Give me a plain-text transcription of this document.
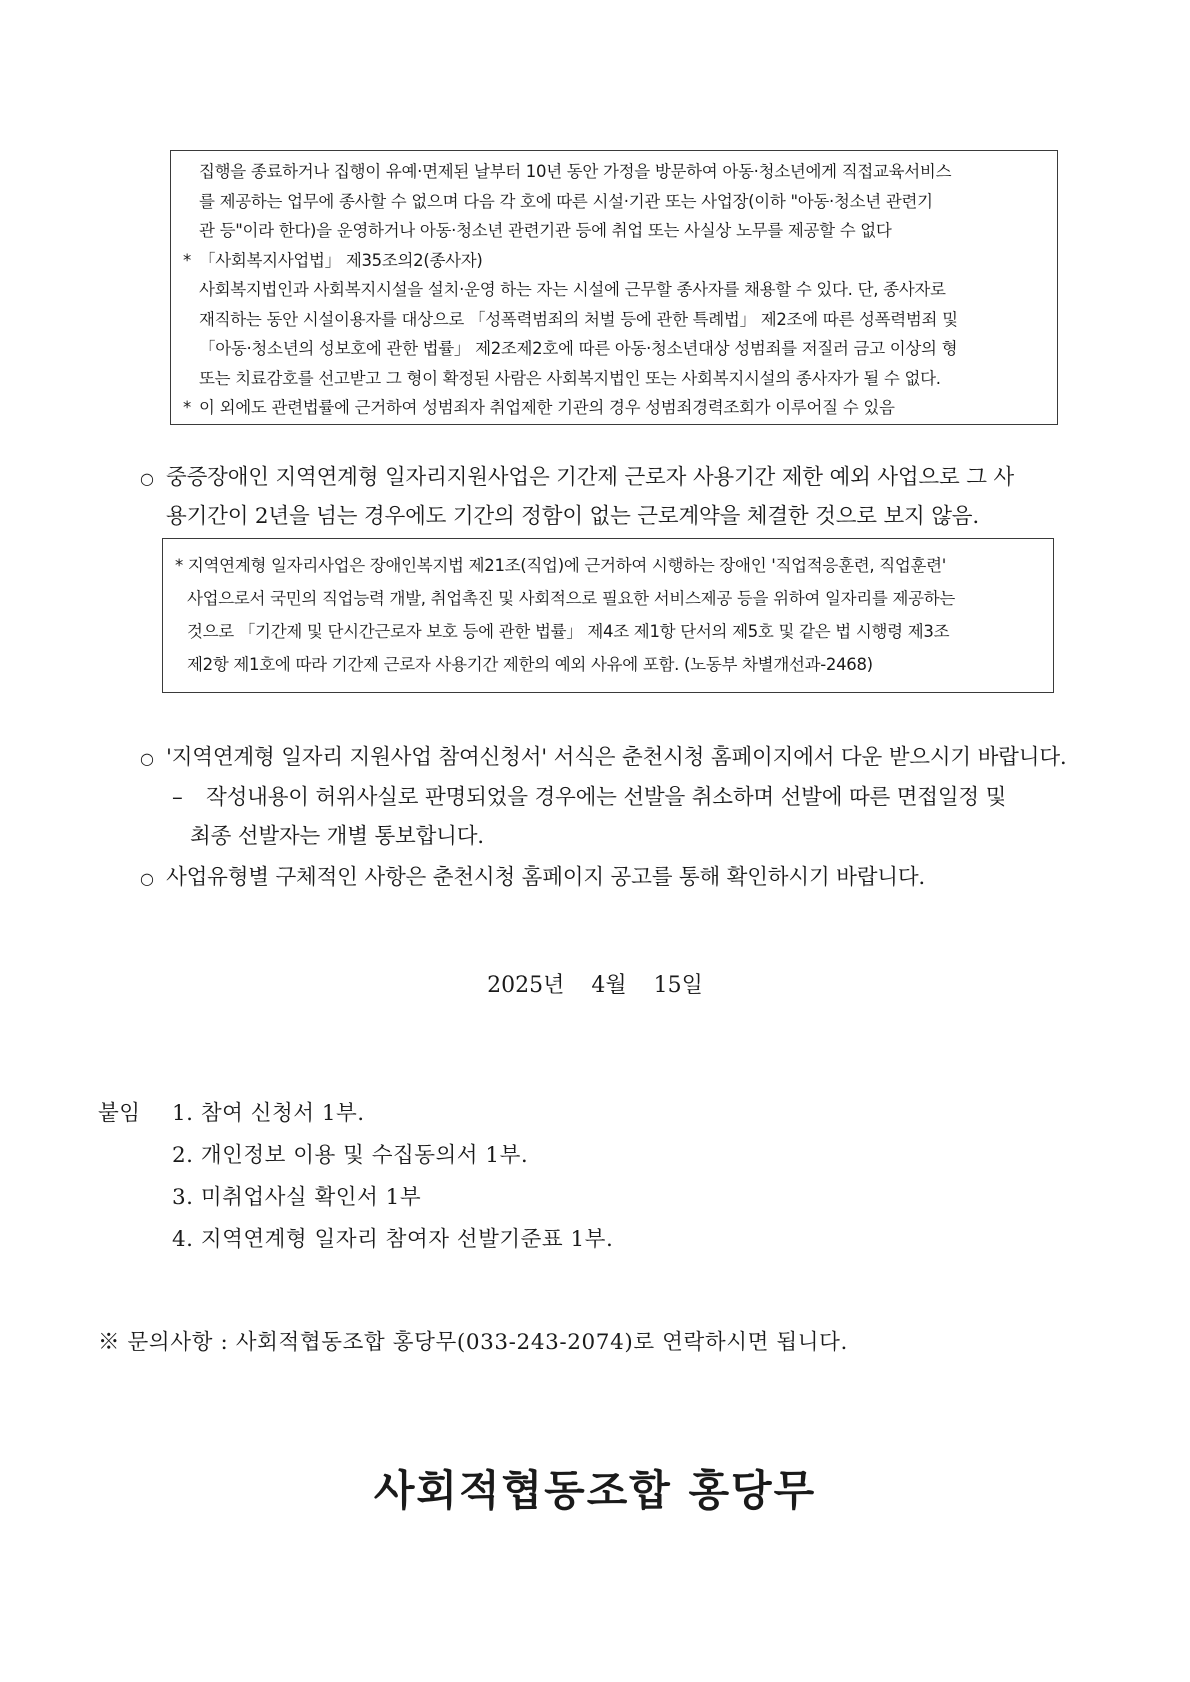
집행을 종료하거나 집행이 유예·면제된 날부터 10년 동안 가정을 방문하여 아동·청소년에게 직접교육서비스
를 제공하는 업무에 종사할 수 없으며 다음 각 호에 따른 시설·기관 또는 사업장(이하 "아동·청소년 관련기
관 등"이라 한다)을 운영하거나 아동·청소년 관련기관 등에 취업 또는 사실상 노무를 제공할 수 없다
* 「사회복지사업법」 제35조의2(종사자)
사회복지법인과 사회복지시설을 설치·운영 하는 자는 시설에 근무할 종사자를 채용할 수 있다. 단, 종사자로
재직하는 동안 시설이용자를 대상으로 「성폭력범죄의 처벌 등에 관한 특례법」 제2조에 따른 성폭력범죄 및
「아동·청소년의 성보호에 관한 법률」 제2조제2호에 따른 아동·청소년대상 성범죄를 저질러 금고 이상의 형
또는 치료감호를 선고받고 그 형이 확정된 사람은 사회복지법인 또는 사회복지시설의 종사자가 될 수 없다.
* 이 외에도 관련법률에 근거하여 성범죄자 취업제한 기관의 경우 성범죄경력조회가 이루어질 수 있음
○ 중증장애인 지역연계형 일자리지원사업은 기간제 근로자 사용기간 제한 예외 사업으로 그 사
용기간이 2년을 넘는 경우에도 기간의 정함이 없는 근로계약을 체결한 것으로 보지 않음.
* 지역연계형 일자리사업은 장애인복지법 제21조(직업)에 근거하여 시행하는 장애인 '직업적응훈련, 직업훈련'
사업으로서 국민의 직업능력 개발, 취업촉진 및 사회적으로 필요한 서비스제공 등을 위하여 일자리를 제공하는
것으로 「기간제 및 단시간근로자 보호 등에 관한 법률」 제4조 제1항 단서의 제5호 및 같은 법 시행령 제3조
제2항 제1호에 따라 기간제 근로자 사용기간 제한의 예외 사유에 포함. (노동부 차별개선과-2468)
○ '지역연계형 일자리 지원사업 참여신청서' 서식은 춘천시청 홈페이지에서 다운 받으시기 바랍니다.
– 작성내용이 허위사실로 판명되었을 경우에는 선발을 취소하며 선발에 따른 면접일정 및
최종 선발자는 개별 통보합니다.
○ 사업유형별 구체적인 사항은 춘천시청 홈페이지 공고를 통해 확인하시기 바랍니다.
2025년 4월 15일
붙임 1. 참여 신청서 1부.
2. 개인정보 이용 및 수집동의서 1부.
3. 미취업사실 확인서 1부
4. 지역연계형 일자리 참여자 선발기준표 1부.
※ 문의사항 : 사회적협동조합 홍당무(033-243-2074)로 연락하시면 됩니다.
사회적협동조합 홍당무
